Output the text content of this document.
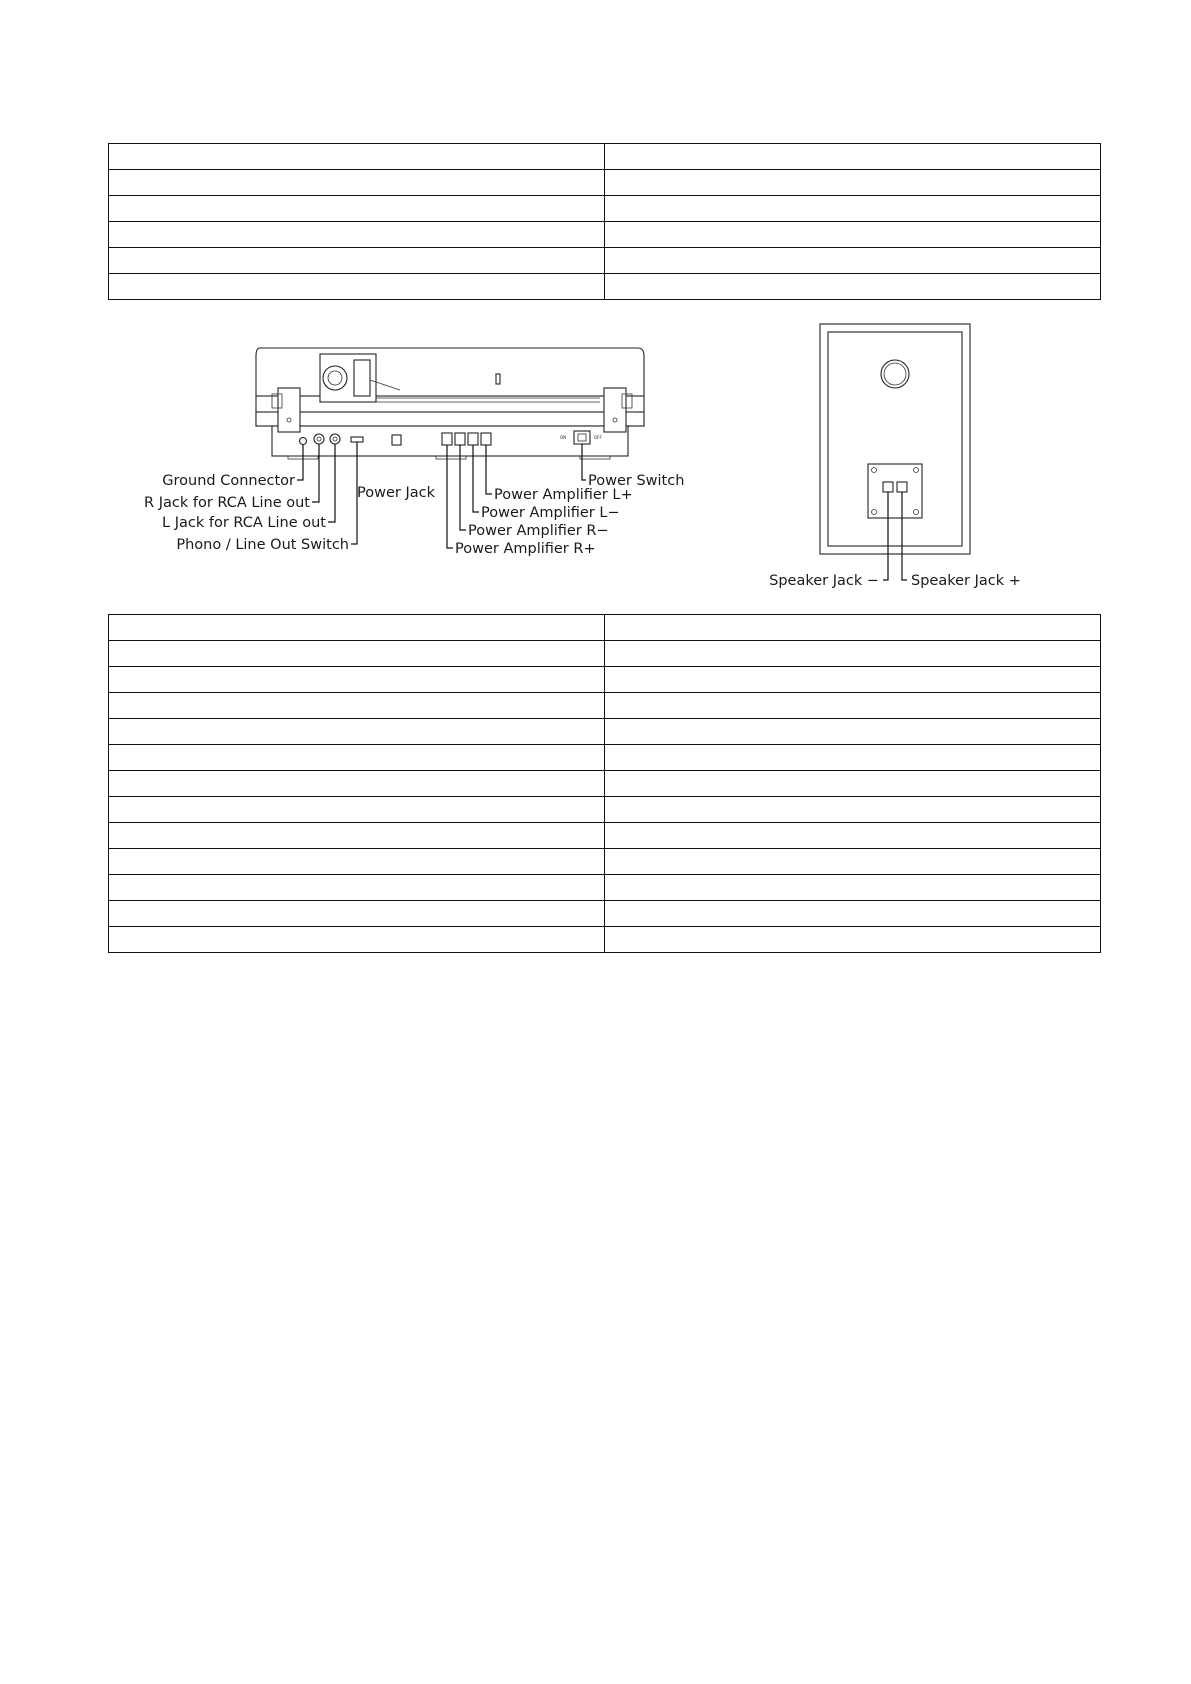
ON	OFF
Ground Connector
R Jack for RCA Line out
L Jack for RCA Line out
Phono / Line Out Switch
Power Jack
Power Switch
Power Amplifier L+
Power Amplifier L−
Power Amplifier R−
Power Amplifier R+
Speaker Jack − Speaker Jack +
